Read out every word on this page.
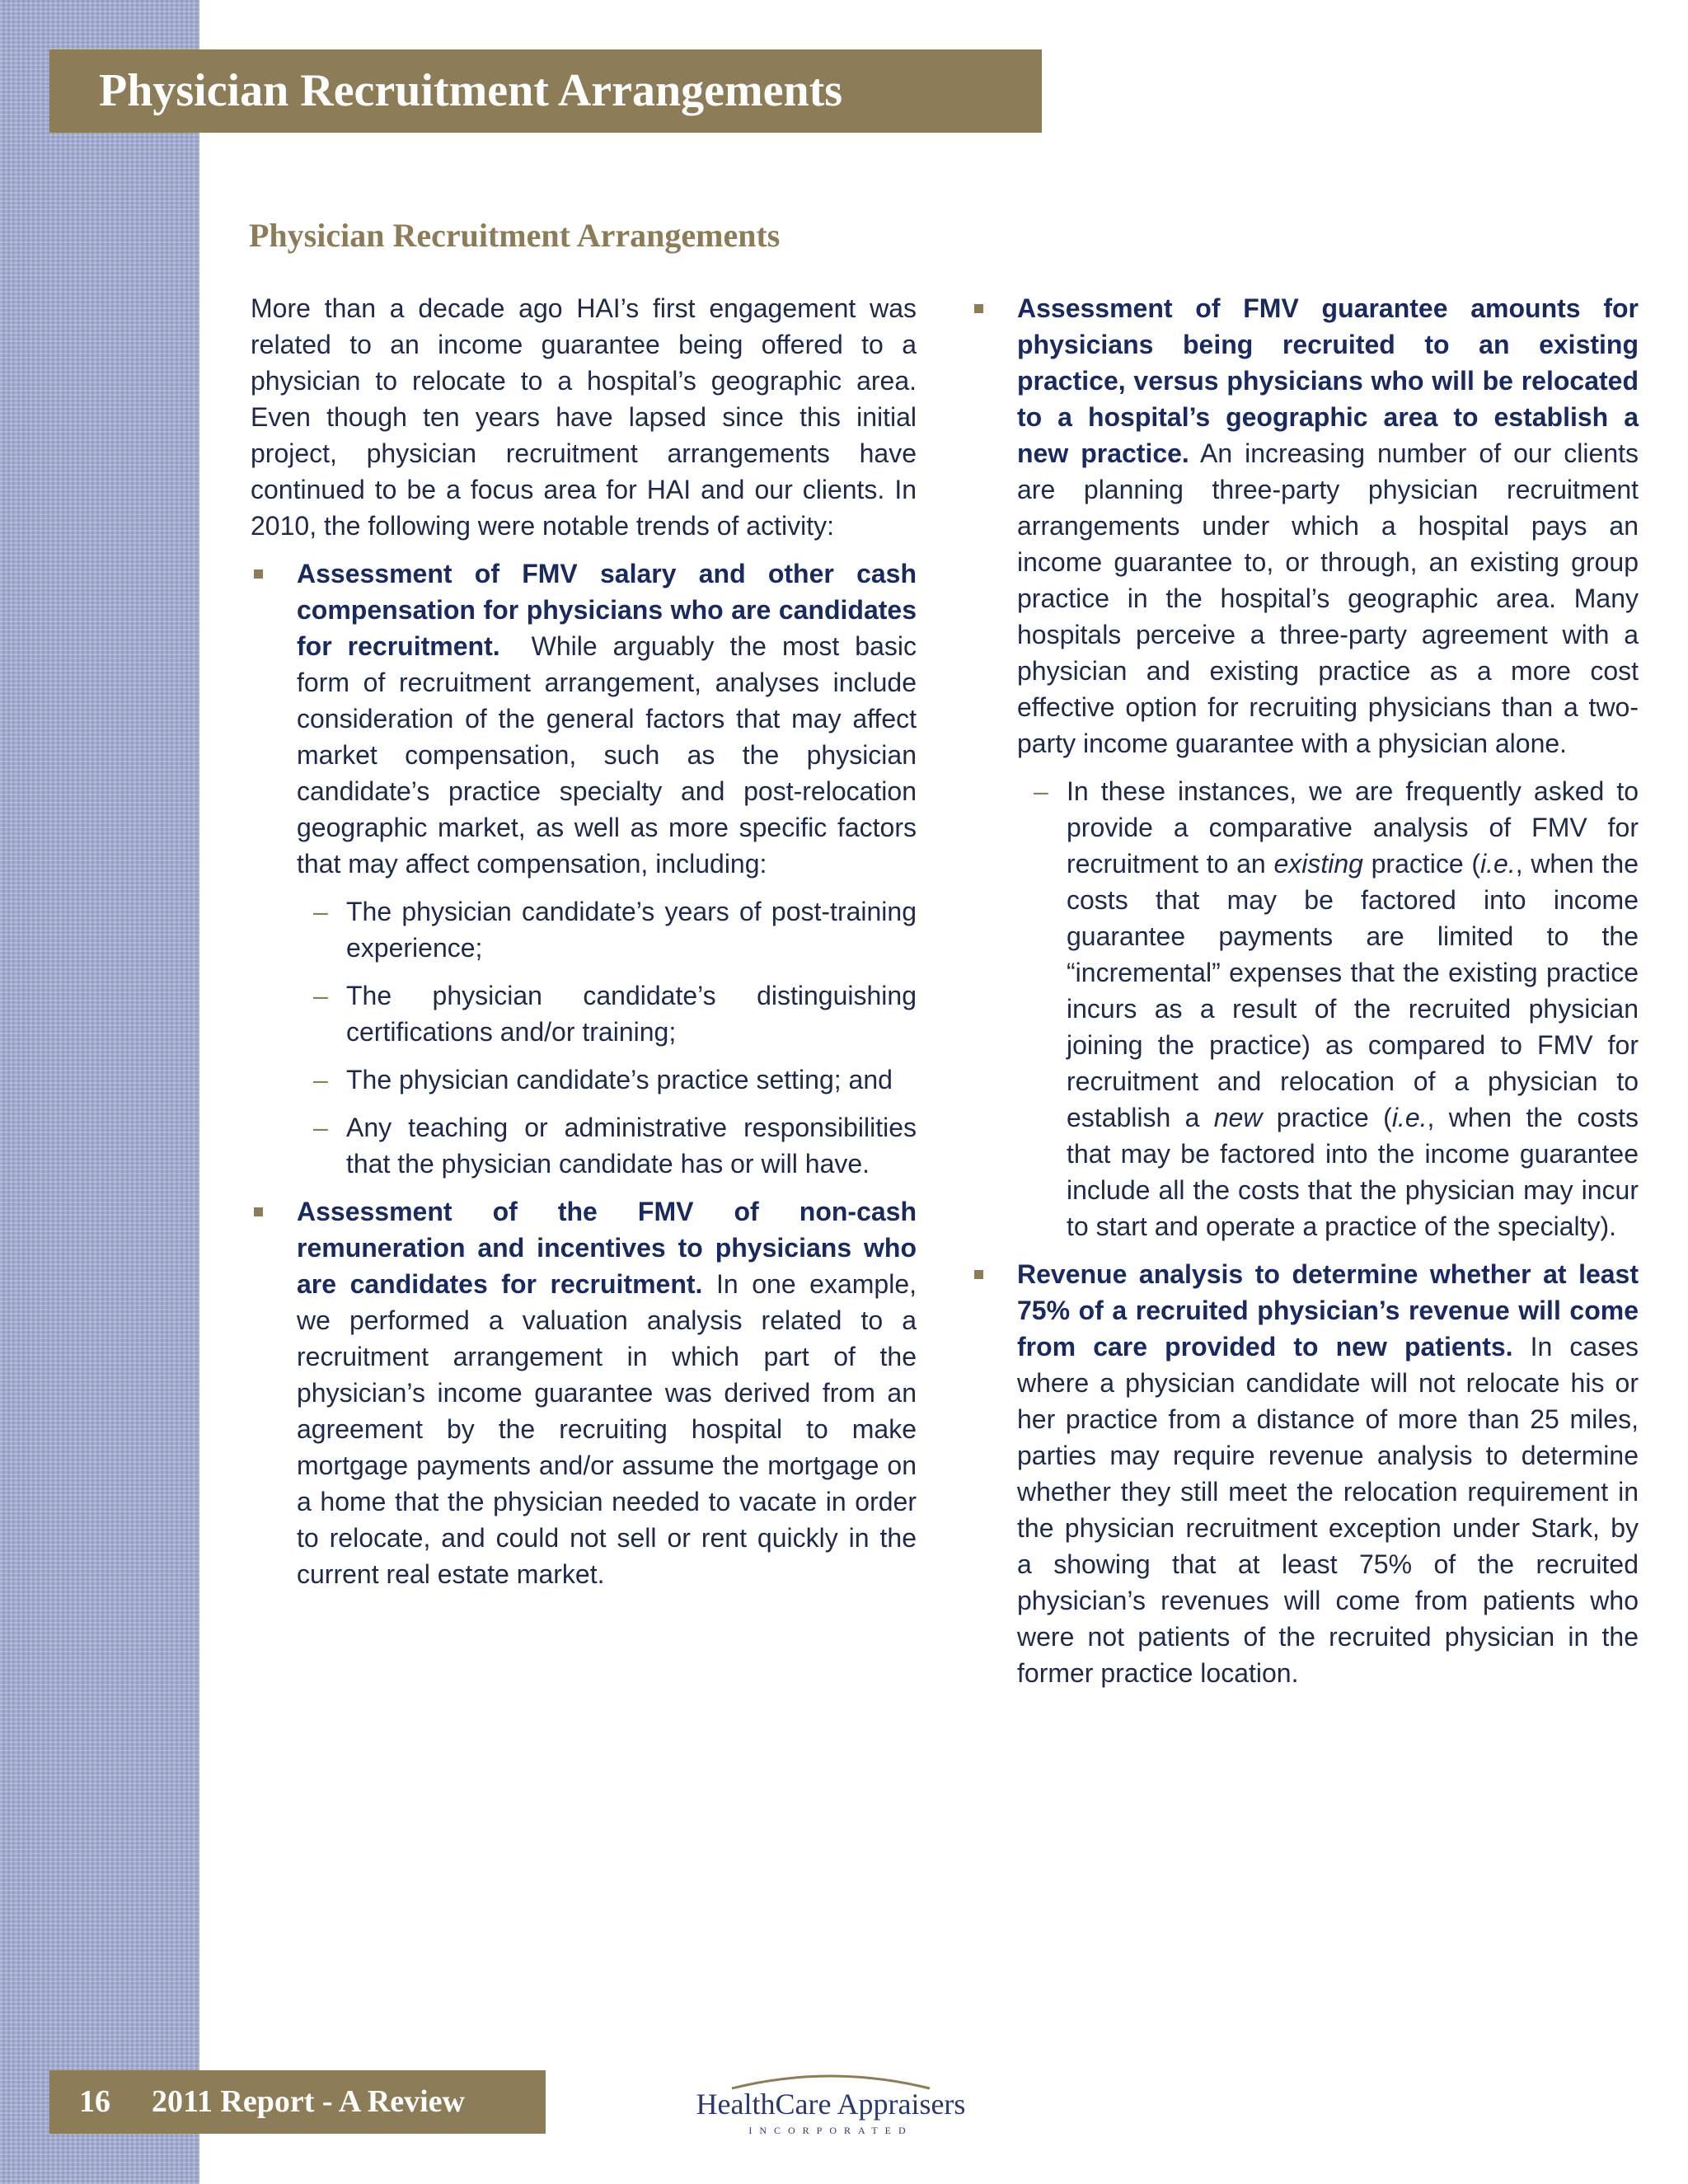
Physician Recruitment Arrangements
Physician Recruitment Arrangements

More than a decade ago HAI’s first engagement was related to an income guarantee being offered to a physician to relocate to a hospital’s geographic area. Even though ten years have lapsed since this initial project, physician recruitment arrangements have continued to be a focus area for HAI and our clients. In 2010, the following were notable trends of activity:

Assessment of FMV salary and other cash compensation for physicians who are candidates for recruitment. While arguably the most basic form of recruitment arrangement, analyses include consideration of the general factors that may affect market compensation, such as the physician candidate’s practice specialty and post-relocation geographic market, as well as more specific factors that may affect compensation, including:

– The physician candidate’s years of post-training experience;

– The physician candidate’s distinguishing certifications and/or training;

– The physician candidate’s practice setting; and

– Any teaching or administrative responsibilities that the physician candidate has or will have.

Assessment of the FMV of non-cash remuneration and incentives to physicians who are candidates for recruitment. In one example, we performed a valuation analysis related to a recruitment arrangement in which part of the physician’s income guarantee was derived from an agreement by the recruiting hospital to make mortgage payments and/or assume the mortgage on a home that the physician needed to vacate in order to relocate, and could not sell or rent quickly in the current real estate market.

Assessment of FMV guarantee amounts for physicians being recruited to an existing practice, versus physicians who will be relocated to a hospital’s geographic area to establish a new practice. An increasing number of our clients are planning three-party physician recruitment arrangements under which a hospital pays an income guarantee to, or through, an existing group practice in the hospital’s geographic area. Many hospitals perceive a three-party agreement with a physician and existing practice as a more cost effective option for recruiting physicians than a two-party income guarantee with a physician alone.

– In these instances, we are frequently asked to provide a comparative analysis of FMV for recruitment to an existing practice (i.e., when the costs that may be factored into income guarantee payments are limited to the “incremental” expenses that the existing practice incurs as a result of the recruited physician joining the practice) as compared to FMV for recruitment and relocation of a physician to establish a new practice (i.e., when the costs that may be factored into the income guarantee include all the costs that the physician may incur to start and operate a practice of the specialty).

Revenue analysis to determine whether at least 75% of a recruited physician’s revenue will come from care provided to new patients. In cases where a physician candidate will not relocate his or her practice from a distance of more than 25 miles, parties may require revenue analysis to determine whether they still meet the relocation requirement in the physician recruitment exception under Stark, by a showing that at least 75% of the recruited physician’s revenues will come from patients who were not patients of the recruited physician in the former practice location.

16 2011 Report - A Review	HealthCare Appraisers
INCORPORATED
